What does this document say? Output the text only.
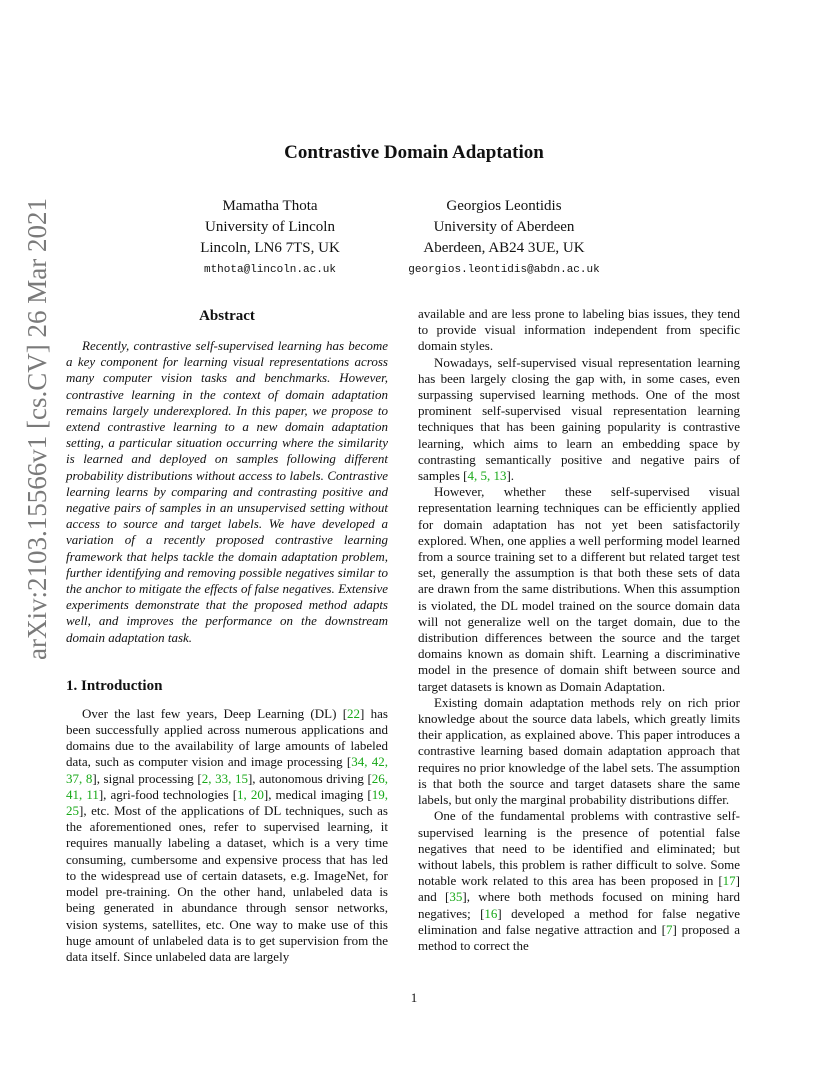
arXiv:2103.15566v1 [cs.CV] 26 Mar 2021
Contrastive Domain Adaptation
Mamatha Thota
University of Lincoln
Lincoln, LN6 7TS, UK
mthota@lincoln.ac.uk
Georgios Leontidis
University of Aberdeen
Aberdeen, AB24 3UE, UK
georgios.leontidis@abdn.ac.uk
Abstract

Recently, contrastive self-supervised learning has become a key component for learning visual representations across many computer vision tasks and benchmarks. However, contrastive learning in the context of domain adaptation remains largely underexplored. In this paper, we propose to extend contrastive learning to a new domain adaptation setting, a particular situation occurring where the similarity is learned and deployed on samples following different probability distributions without access to labels. Contrastive learning learns by comparing and contrasting positive and negative pairs of samples in an unsupervised setting without access to source and target labels. We have developed a variation of a recently proposed contrastive learning framework that helps tackle the domain adaptation problem, further identifying and removing possible negatives similar to the anchor to mitigate the effects of false negatives. Extensive experiments demonstrate that the proposed method adapts well, and improves the performance on the downstream domain adaptation task.

1. Introduction

Over the last few years, Deep Learning (DL) [22] has been successfully applied across numerous applications and domains due to the availability of large amounts of labeled data, such as computer vision and image processing [34, 42, 37, 8], signal processing [2, 33, 15], autonomous driving [26, 41, 11], agri-food technologies [1, 20], medical imaging [19, 25], etc. Most of the applications of DL techniques, such as the aforementioned ones, refer to supervised learning, it requires manually labeling a dataset, which is a very time consuming, cumbersome and expensive process that has led to the widespread use of certain datasets, e.g. ImageNet, for model pre-training. On the other hand, unlabeled data is being generated in abundance through sensor networks, vision systems, satellites, etc. One way to make use of this huge amount of unlabeled data is to get supervision from the data itself. Since unlabeled data are largely

available and are less prone to labeling bias issues, they tend to provide visual information independent from specific domain styles.

Nowadays, self-supervised visual representation learning has been largely closing the gap with, in some cases, even surpassing supervised learning methods. One of the most prominent self-supervised visual representation learning techniques that has been gaining popularity is contrastive learning, which aims to learn an embedding space by contrasting semantically positive and negative pairs of samples [4, 5, 13].

However, whether these self-supervised visual representation learning techniques can be efficiently applied for domain adaptation has not yet been satisfactorily explored. When, one applies a well performing model learned from a source training set to a different but related target test set, generally the assumption is that both these sets of data are drawn from the same distributions. When this assumption is violated, the DL model trained on the source domain data will not generalize well on the target domain, due to the distribution differences between the source and the target domains known as domain shift. Learning a discriminative model in the presence of domain shift between source and target datasets is known as Domain Adaptation.

Existing domain adaptation methods rely on rich prior knowledge about the source data labels, which greatly limits their application, as explained above. This paper introduces a contrastive learning based domain adaptation approach that requires no prior knowledge of the label sets. The assumption is that both the source and target datasets share the same labels, but only the marginal probability distributions differ.

One of the fundamental problems with contrastive self-supervised learning is the presence of potential false negatives that need to be identified and eliminated; but without labels, this problem is rather difficult to solve. Some notable work related to this area has been proposed in [17] and [35], where both methods focused on mining hard negatives; [16] developed a method for false negative elimination and false negative attraction and [7] proposed a method to correct the

1
